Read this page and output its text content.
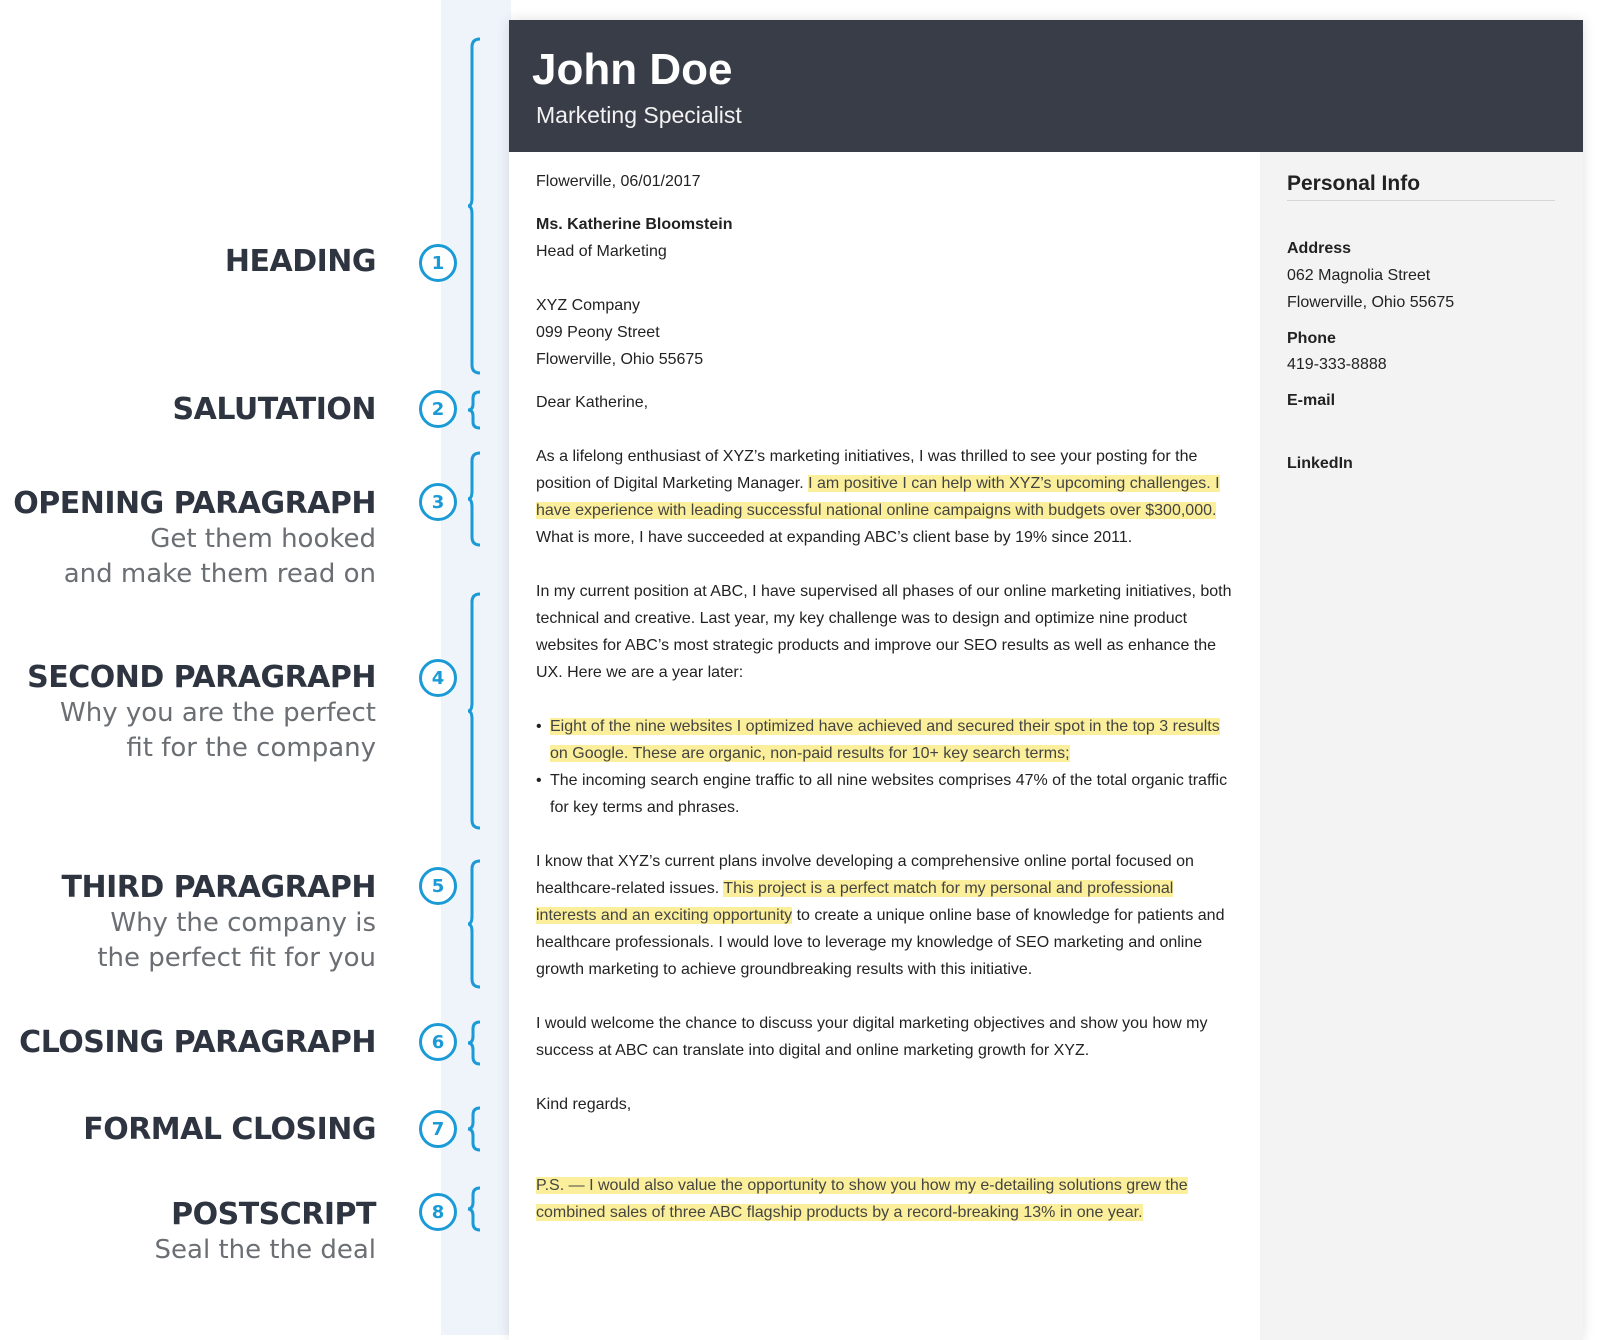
HEADING
SALUTATION
OPENING PARAGRAPH
Get them hooked
and make them read on
SECOND PARAGRAPH
Why you are the perfect
fit for the company
THIRD PARAGRAPH
Why the company is
the perfect fit for you
CLOSING PARAGRAPH
FORMAL CLOSING
POSTSCRIPT
Seal the the deal
1
2
3
4
5
6
7
8
John Doe
Marketing Specialist
Personal Info
Address
062 Magnolia Street
Flowerville, Ohio 55675
Phone
419-333-8888
E-mail
LinkedIn
Flowerville, 06/01/2017
Ms. Katherine Bloomstein
Head of Marketing
XYZ Company
099 Peony Street
Flowerville, Ohio 55675
Dear Katherine,
As a lifelong enthusiast of XYZ’s marketing initiatives, I was thrilled to see your posting for the position of Digital Marketing Manager. I am positive I can help with XYZ’s upcoming challenges. I have experience with leading successful national online campaigns with budgets over $300,000. What is more, I have succeeded at expanding ABC’s client base by 19% since 2011.
In my current position at ABC, I have supervised all phases of our online marketing initiatives, both technical and creative. Last year, my key challenge was to design and optimize nine product websites for ABC’s most strategic products and improve our SEO results as well as enhance the UX. Here we are a year later:
• Eight of the nine websites I optimized have achieved and secured their spot in the top 3 results on Google. These are organic, non-paid results for 10+ key search terms;
• The incoming search engine traffic to all nine websites comprises 47% of the total organic traffic for key terms and phrases.
I know that XYZ’s current plans involve developing a comprehensive online portal focused on healthcare-related issues. This project is a perfect match for my personal and professional interests and an exciting opportunity to create a unique online base of knowledge for patients and healthcare professionals. I would love to leverage my knowledge of SEO marketing and online growth marketing to achieve groundbreaking results with this initiative.
I would welcome the chance to discuss your digital marketing objectives and show you how my success at ABC can translate into digital and online marketing growth for XYZ.
Kind regards,
P.S. — I would also value the opportunity to show you how my e-detailing solutions grew the combined sales of three ABC flagship products by a record-breaking 13% in one year.
